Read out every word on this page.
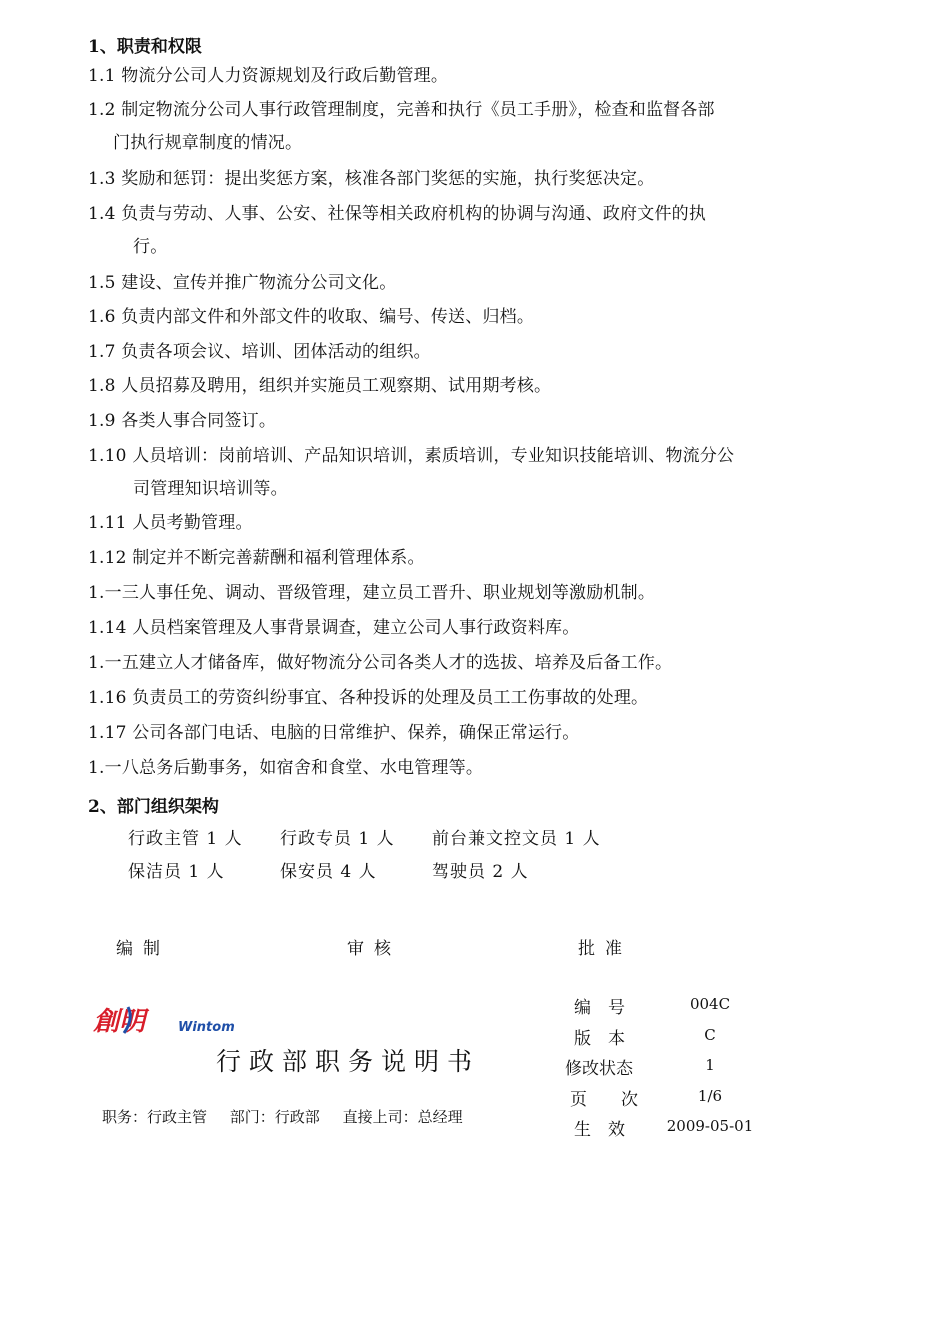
1、职责和权限
1.1 物流分公司人力资源规划及行政后勤管理。
1.2 制定物流分公司人事行政管理制度，完善和执行《员工手册》，检查和监督各部
门执行规章制度的情况。
1.3 奖励和惩罚：提出奖惩方案，核准各部门奖惩的实施，执行奖惩决定。
1.4 负责与劳动、人事、公安、社保等相关政府机构的协调与沟通、政府文件的执
行。
1.5 建设、宣传并推广物流分公司文化。
1.6 负责内部文件和外部文件的收取、编号、传送、归档。
1.7 负责各项会议、培训、团体活动的组织。
1.8 人员招募及聘用，组织并实施员工观察期、试用期考核。
1.9 各类人事合同签订。
1.10 人员培训：岗前培训、产品知识培训，素质培训，专业知识技能培训、物流分公
司管理知识培训等。
1.11 人员考勤管理。
1.12 制定并不断完善薪酬和福利管理体系。
1.一三人事任免、调动、晋级管理，建立员工晋升、职业规划等激励机制。
1.14 人员档案管理及人事背景调查，建立公司人事行政资料库。
1.一五建立人才储备库，做好物流分公司各类人才的选拔、培养及后备工作。
1.16 负责员工的劳资纠纷事宜、各种投诉的处理及员工工伤事故的处理。
1.17 公司各部门电话、电脑的日常维护、保养，确保正常运行。
1.一八总务后勤事务，如宿舍和食堂、水电管理等。
2、部门组织架构
行政主管 1 人 行政专员 1 人 前台兼文控文员 1 人
保洁员 1 人	保安员 4 人	驾驶员 2 人
编制	审核	批准
創明 Wintom
行政部职务说明书
职务：行政主管 部门：行政部 直接上司：总经理
编　号	004C
版　本	C
修改状态	1
页　　次	1/6
生　效	2009-05-01
